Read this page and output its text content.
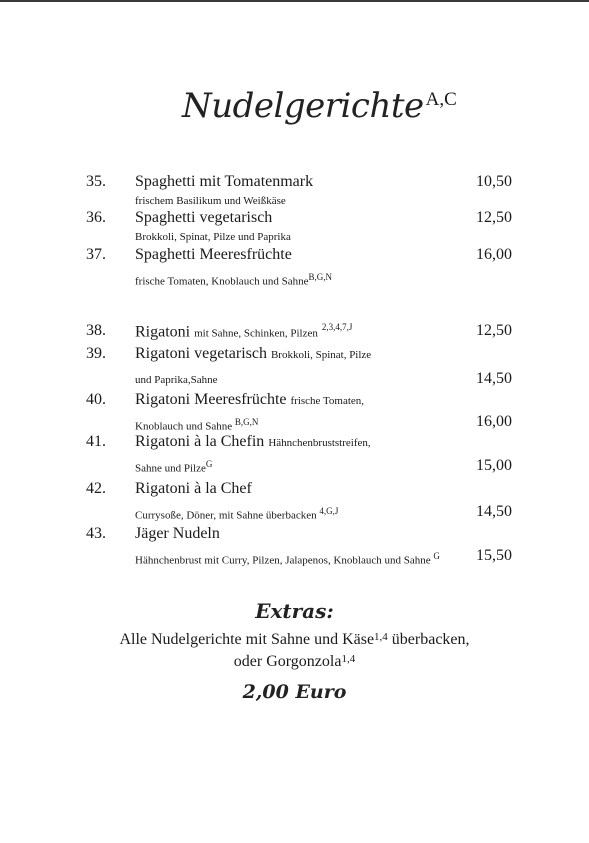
Nudelgerichte A,C
35. Spaghetti mit Tomatenmark	10,50
frischem Basilikum und Weißkäse
36. Spaghetti vegetarisch	12,50
Brokkoli, Spinat, Pilze und Paprika
37. Spaghetti Meeresfrüchte	16,00
frische Tomaten, Knoblauch und Sahne$^{B,G,N}$
38. Rigatoni mit Sahne, Schinken, Pilzen $^{2,3,4,7,J}$	12,50
39. Rigatoni vegetarisch Brokkoli, Spinat, Pilze
und Paprika,Sahne	14,50
40. Rigatoni Meeresfrüchte frische Tomaten,
Knoblauch und Sahne $^{B,G,N}$	16,00
41. Rigatoni à la Chefin Hähnchenbruststreifen,
Sahne und Pilze$^G$	15,00
42. Rigatoni à la Chef
Currysoße, Döner, mit Sahne überbacken $^{4,G,J}$	14,50
43. Jäger Nudeln
Hähnchenbrust mit Curry, Pilzen, Jalapenos, Knoblauch und Sahne $^G$ 15,50
Extras:
Alle Nudelgerichte mit Sahne und Käse$^{1,4}$ überbacken,
oder Gorgonzola$^{1,4}$
2,00 Euro
